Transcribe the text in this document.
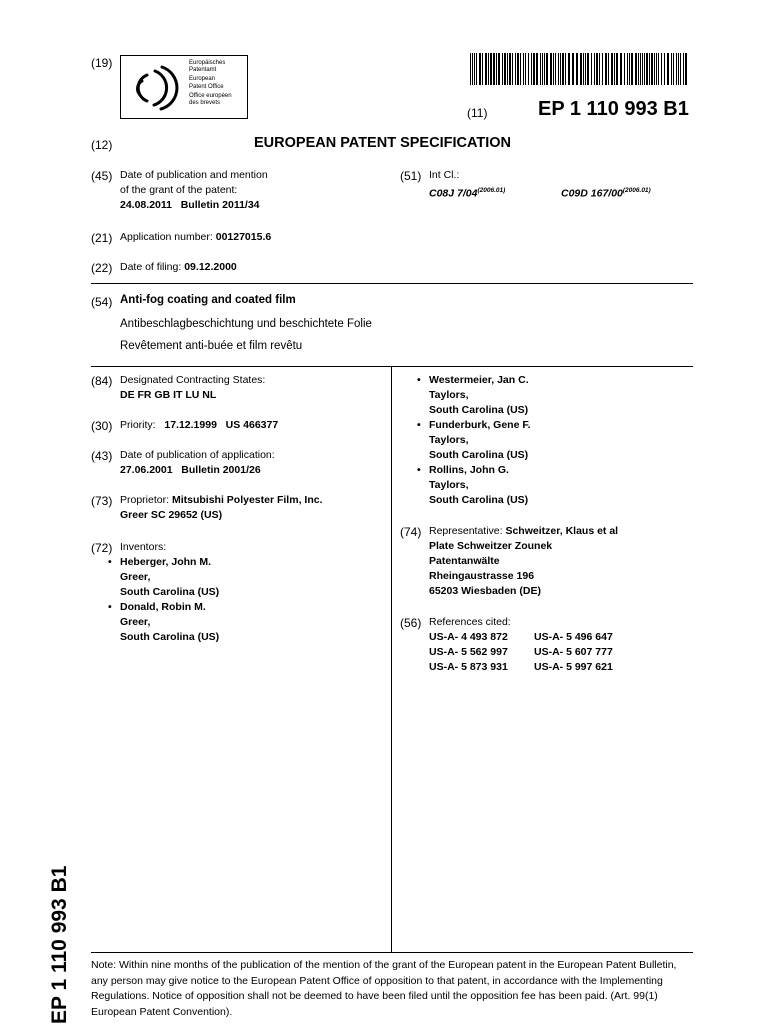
(19)	Europäisches
Patentamt
European
Patent Office
Office européen
des brevets
(11)	EP 1 110 993 B1
(12)	EUROPEAN PATENT SPECIFICATION
(45) Date of publication and mention
of the grant of the patent:
24.08.2011   Bulletin 2011/34
(51) Int Cl.:
C08J $7/04^{(2006.01)}$	C09D $167/00^{(2006.01)}$
(21) Application number: 00127015.6
(22) Date of filing: 09.12.2000
(54) Anti-fog coating and coated film
Antibeschlagbeschichtung und beschichtete Folie
Revêtement anti-buée et film revêtu
(84) Designated Contracting States:
DE FR GB IT LU NL
(30) Priority: 17.12.1999   US 466377
(43) Date of publication of application:
27.06.2001   Bulletin 2001/26
(73) Proprietor: Mitsubishi Polyester Film, Inc.
Greer SC 29652 (US)
(72) Inventors:
• Heberger, John M.
Greer,
South Carolina (US)
• Donald, Robin M.
Greer,
South Carolina (US)
• Westermeier, Jan C.
Taylors,
South Carolina (US)
• Funderburk, Gene F.
Taylors,
South Carolina (US)
• Rollins, John G.
Taylors,
South Carolina (US)
(74) Representative: Schweitzer, Klaus et al
Plate Schweitzer Zounek
Patentanwälte
Rheingaustrasse 196
65203 Wiesbaden (DE)
(56) References cited:
US-A- 4 493 872 US-A- 5 496 647
US-A- 5 562 997 US-A- 5 607 777
US-A- 5 873 931 US-A- 5 997 621
EP 1 110 993 B1 Note: Within nine months of the publication of the mention of the grant of the European patent in the European Patent Bulletin, any person may give notice to the European Patent Office of opposition to that patent, in accordance with the Implementing Regulations. Notice of opposition shall not be deemed to have been filed until the opposition fee has been paid. (Art. 99(1) European Patent Convention).
